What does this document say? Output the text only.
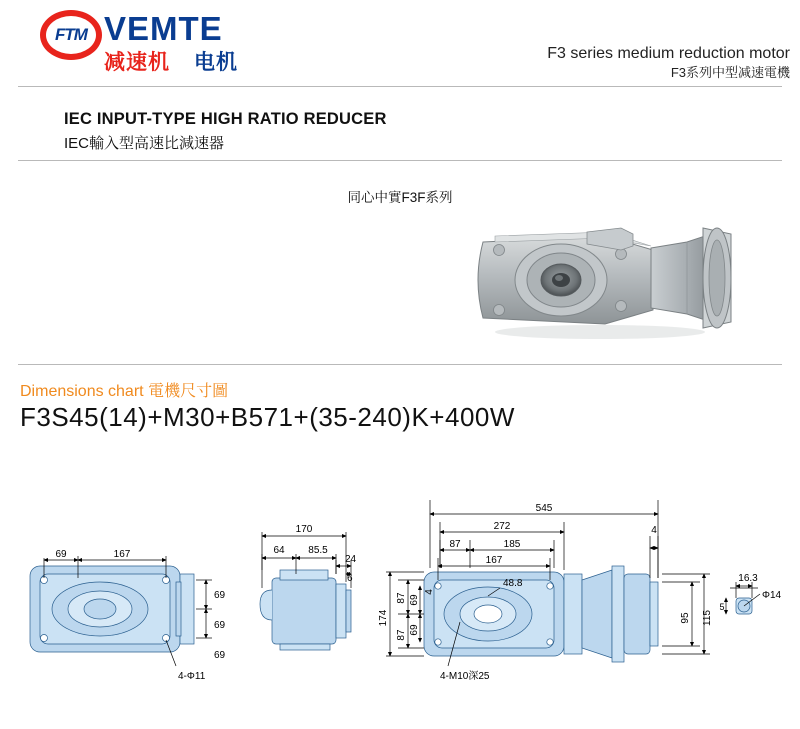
FTM VEMTE
减速机 电机	F3 series medium reduction motor
F3系列中型减速電機
IEC INPUT-TYPE HIGH RATIO REDUCER
IEC輸入型高速比減速器
同心中實F3F系列
Dimensions chart 電機尺寸圖
F3S45(14)+M30+B571+(35-240)K+400W
69	167
69
69
69
4-Φ11
170
64 85.5
24
6
545
272
185
87
167
4
16.3
5
Φ14
95 115
174
87
87
69
69
4
48.8
4-M10深25
